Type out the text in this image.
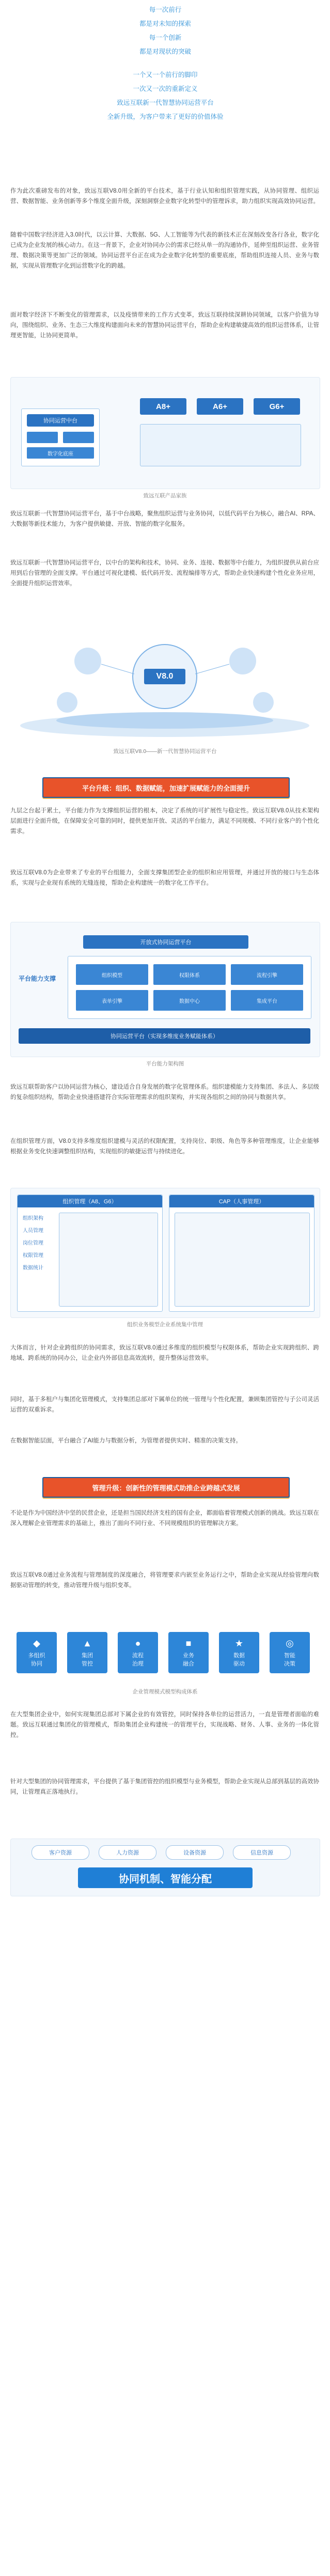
每一次前行
都是对未知的探索
每一个创新
都是对现状的突破
一个又一个前行的脚印
一次又一次的重新定义
致远互联新一代智慧协同运营平台
全新升级，为客户带来了更好的价值体验

作为此次重磅发布的对象，致远互联V8.0用全新的平台技术，基于行业认知和组织管理实践，从协同管理、组织运营、数据智能、业务创新等多个维度全面升级，深刻洞察企业数字化转型中的管理诉求，助力组织实现高效协同运营。

随着中国数字经济进入3.0时代，以云计算、大数据、5G、人工智能等为代表的新技术正在深刻改变各行各业，数字化已成为企业发展的核心动力。在这一背景下，企业对协同办公的需求已经从单一的沟通协作，延伸至组织运营、业务管理、数据决策等更加广泛的领域。协同运营平台正在成为企业数字化转型的重要底座，帮助组织连接人员、业务与数据，实现从管理数字化到运营数字化的跨越。

面对数字经济下不断变化的管理需求，以及疫情带来的工作方式变革，致远互联持续深耕协同领域，以客户价值为导向，围绕组织、业务、生态三大维度构建面向未来的智慧协同运营平台，帮助企业构建敏捷高效的组织运营体系，让管理更智能，让协同更简单。

协同运营中台
数字化底座
A8+	A6+	G6+
致远互联产品家族

致远互联新一代智慧协同运营平台，基于中台战略，聚焦组织运营与业务协同，以低代码平台为核心，融合AI、RPA、大数据等新技术能力，为客户提供敏捷、开放、智能的数字化服务。

致远互联新一代智慧协同运营平台，以中台的架构和技术，协同、业务、连接、数据等中台能力，为组织提供从前台应用到后台管理的全面支撑。平台通过可视化建模、低代码开发、流程编排等方式，帮助企业快速构建个性化业务应用，全面提升组织运营效率。

V8.0
致远互联V8.0——新一代智慧协同运营平台
平台升级：组织、数据赋能，加速扩展赋能力的全面提升

九层之台起于累土，平台能力作为支撑组织运营的根本，决定了系统的可扩展性与稳定性。致远互联V8.0从技术架构层面进行全面升级，在保障安全可靠的同时，提供更加开放、灵活的平台能力，满足不同规模、不同行业客户的个性化需求。

致远互联V8.0为企业带来了专业的平台组能力，全面支撑集团型企业的组织和应用管理，并通过开放的接口与生态体系，实现与企业现有系统的无缝连接，帮助企业构建统一的数字化工作平台。

开放式协同运营平台
平台能力支撑	组织模型	权限体系	流程引擎
表单引擎	数据中心	集成平台
协同运营平台（实现多维度业务赋能体系）
平台能力架构图

致远互联帮助客户以协同运营为核心，建设适合自身发展的数字化管理体系。组织建模能力支持集团、多法人、多层级的复杂组织结构，帮助企业快速搭建符合实际管理需求的组织架构，并实现各组织之间的协同与数据共享。

在组织管理方面，V8.0支持多维度组织建模与灵活的权限配置，支持岗位、职级、角色等多种管理维度，让企业能够根据业务变化快速调整组织结构，实现组织的敏捷运营与持续进化。

组织管理（A8、G6）
组织架构
人员管理
岗位管理
权限管理
数据统计
CAP（人事管理）
组织业务模型企业系统集中管理

大体而言，针对企业跨组织的协同需求，致远互联V8.0通过多维度的组织模型与权限体系，帮助企业实现跨组织、跨地域、跨系统的协同办公，让企业内外部信息高效流转，提升整体运营效率。

同时，基于多租户与集团化管理模式，支持集团总部对下属单位的统一管理与个性化配置，兼顾集团管控与子公司灵活运营的双重诉求。

在数据智能层面，平台融合了AI能力与数据分析，为管理者提供实时、精准的决策支持。

管理升级：创新性的管理模式助推企业跨越式发展

不论是作为中国经济中坚的民营企业，还是担当国民经济支柱的国有企业，都面临着管理模式创新的挑战。致远互联在深入理解企业管理需求的基础上，推出了面向不同行业、不同规模组织的管理解决方案。

致远互联V8.0通过业务流程与管理制度的深度融合，将管理要求内嵌至业务运行之中，帮助企业实现从经验管理向数据驱动管理的转变，推动管理升级与组织变革。

◆
多组织
协同
▲
集团
管控
●
流程
治理
■
业务
融合
★
数据
驱动
◎
智能
决策
企业管理模式模型构成体系

在大型集团企业中，如何实现集团总部对下属企业的有效管控，同时保持各单位的运营活力，一直是管理者面临的难题。致远互联通过集团化的管理模式，帮助集团企业构建统一的管理平台，实现战略、财务、人事、业务的一体化管控。

针对大型集团的协同管理需求，平台提供了基于集团管控的组织模型与业务模型，帮助企业实现从总部到基层的高效协同，让管理真正落地执行。

客户资源	人力资源	设备资源	信息资源
协同机制、智能分配
